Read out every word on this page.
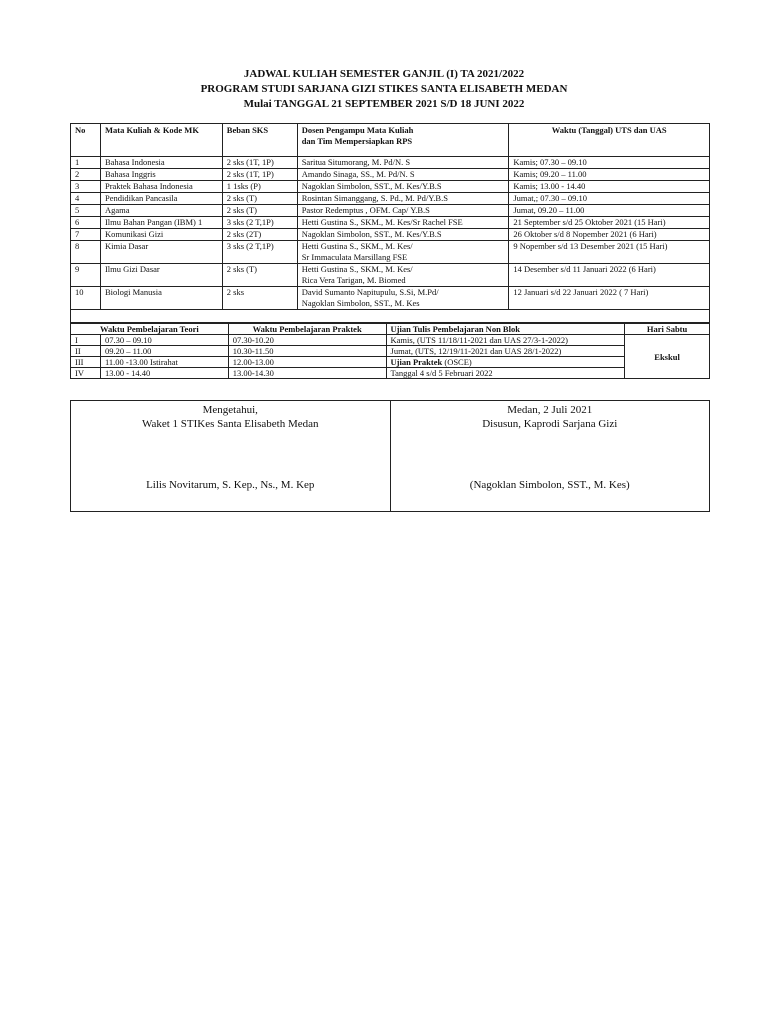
JADWAL KULIAH SEMESTER GANJIL (I) TA 2021/2022
PROGRAM STUDI SARJANA GIZI STIKES SANTA ELISABETH MEDAN
Mulai TANGGAL 21 SEPTEMBER 2021 S/D 18 JUNI 2022
No	Mata Kuliah & Kode MK	Beban SKS	Dosen Pengampu Mata Kuliah
dan Tim Mempersiapkan RPS	Waktu (Tanggal) UTS dan UAS
1	Bahasa Indonesia	2 sks (1T, 1P)	Saritua Situmorang, M. Pd/N. S	Kamis; 07.30 – 09.10
2	Bahasa Inggris	2 sks (1T, 1P)	Amando Sinaga, SS., M. Pd/N. S	Kamis; 09.20 – 11.00
3	Praktek Bahasa Indonesia	1 1sks (P)	Nagoklan Simbolon, SST., M. Kes/Y.B.S	Kamis; 13.00 - 14.40
4	Pendidikan Pancasila	2 sks (T)	Rosintan Simanggang, S. Pd., M. Pd/Y.B.S	Jumat,; 07.30 – 09.10
5	Agama	2 sks (T)	Pastor Redemptus , OFM. Cap/ Y.B.S	Jumat, 09.20 – 11.00
6	Ilmu Bahan Pangan (IBM) 1	3 sks (2 T,1P)	Hetti Gustina S., SKM., M. Kes/Sr Rachel FSE	21 September s/d 25 Oktober 2021 (15 Hari)
7	Komunikasi Gizi	2 sks (2T)	Nagoklan Simbolon, SST., M. Kes/Y.B.S	26 Oktober s/d 8 Nopember 2021 (6 Hari)
8	Kimia Dasar	3 sks (2 T,1P)	Hetti Gustina S., SKM., M. Kes/
Sr Immaculata Marsillang FSE	9 Nopember s/d 13 Desember 2021 (15 Hari)
9	Ilmu Gizi Dasar	2 sks (T)	Hetti Gustina S., SKM., M. Kes/
Rica Vera Tarigan, M. Biomed	14 Desember s/d 11 Januari 2022 (6 Hari)
10	Biologi Manusia	2 sks	David Sumanto Napitupulu, S.Si, M.Pd/
Nagoklan Simbolon, SST., M. Kes	12 Januari s/d 22 Januari 2022 ( 7 Hari)

Waktu Pembelajaran Teori		Waktu Pembelajaran Praktek	Ujian Tulis Pembelajaran Non Blok	Hari Sabtu
I	07.30 – 09.10	07.30-10.20	Kamis, (UTS 11/18/11-2021 dan UAS 27/3-1-2022)	Ekskul
II	09.20 – 11.00	10.30-11.50	Jumat, (UTS, 12/19/11-2021 dan UAS 28/1-2022)	
III	11.00 -13.00 Istirahat	12.00-13.00	Ujian Praktek (OSCE)	
IV	13.00 - 14.40	13.00-14.30	Tanggal 4 s/d 5 Februari 2022	
Mengetahui,
Waket 1 STIKes Santa Elisabeth Medan
Lilis Novitarum, S. Kep., Ns., M. Kep
Medan, 2 Juli 2021
Disusun, Kaprodi Sarjana Gizi
(Nagoklan Simbolon, SST., M. Kes)
